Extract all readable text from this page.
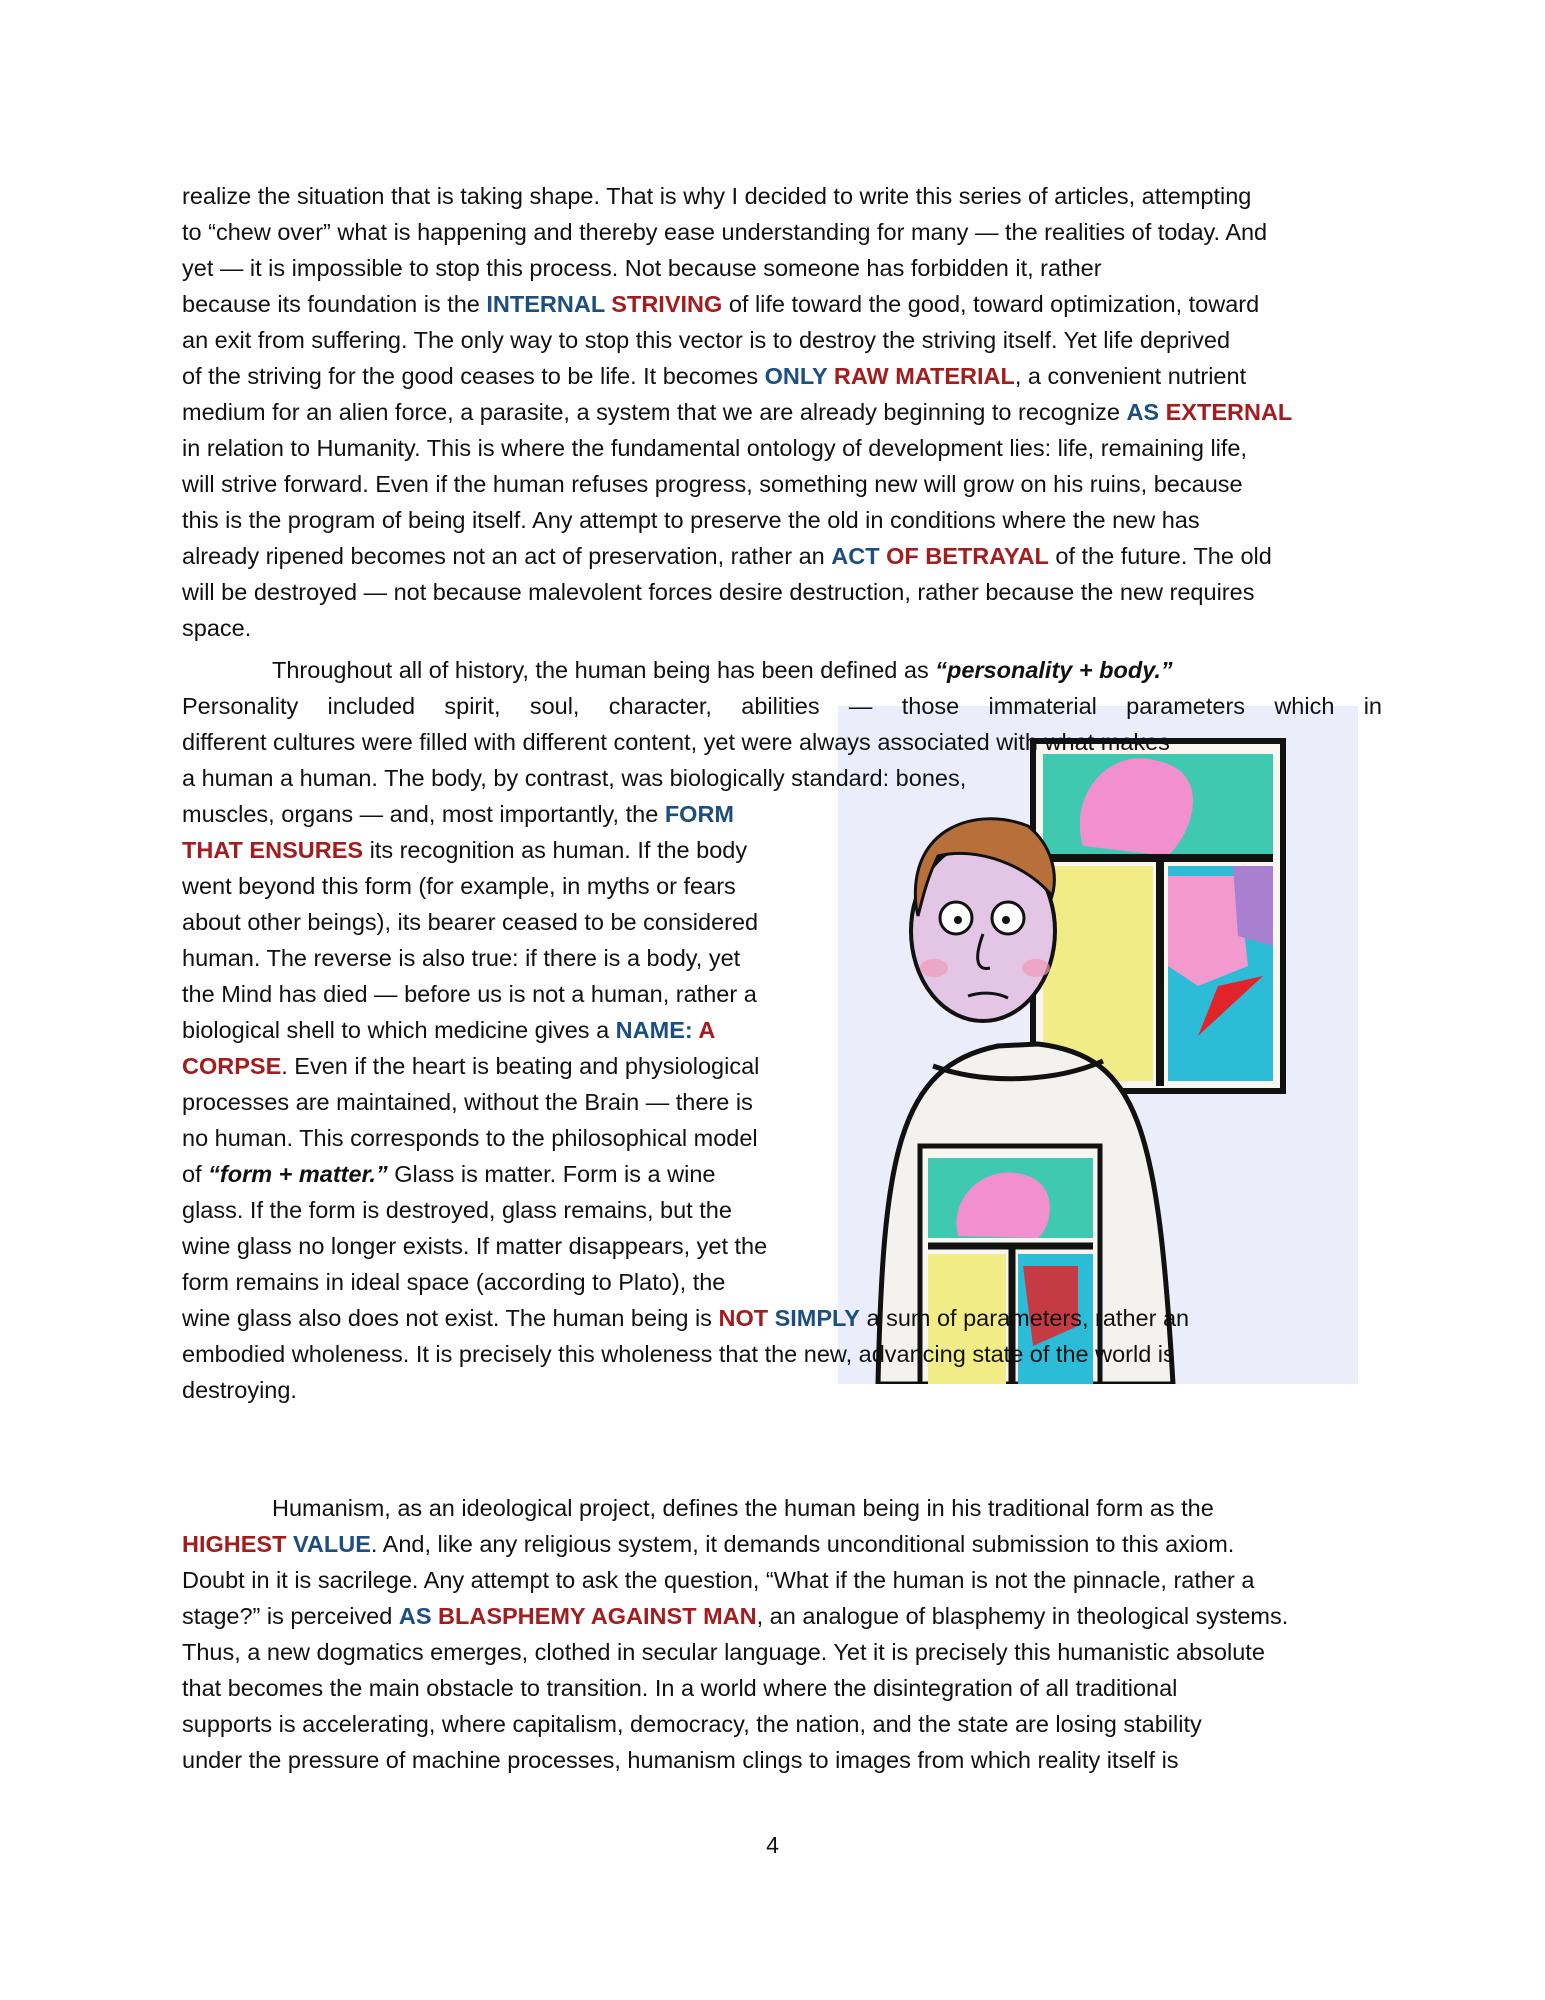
realize the situation that is taking shape. That is why I decided to write this series of articles, attempting
to “chew over” what is happening and thereby ease understanding for many — the realities of today. And
yet — it is impossible to stop this process. Not because someone has forbidden it, rather
because its foundation is the INTERNAL STRIVING of life toward the good, toward optimization, toward
an exit from suffering. The only way to stop this vector is to destroy the striving itself. Yet life deprived
of the striving for the good ceases to be life. It becomes ONLY RAW MATERIAL, a convenient nutrient
medium for an alien force, a parasite, a system that we are already beginning to recognize AS EXTERNAL
in relation to Humanity. This is where the fundamental ontology of development lies: life, remaining life,
will strive forward. Even if the human refuses progress, something new will grow on his ruins, because
this is the program of being itself. Any attempt to preserve the old in conditions where the new has
already ripened becomes not an act of preservation, rather an ACT OF BETRAYAL of the future. The old
will be destroyed — not because malevolent forces desire destruction, rather because the new requires
space.
Throughout all of history, the human being has been defined as “personality + body.”
Personality included spirit, soul, character, abilities — those immaterial parameters which in
different cultures were filled with different content, yet were always associated with what makes
a human a human. The body, by contrast, was biologically standard: bones,
muscles, organs — and, most importantly, the FORM
THAT ENSURES its recognition as human. If the body
went beyond this form (for example, in myths or fears
about other beings), its bearer ceased to be considered
human. The reverse is also true: if there is a body, yet
the Mind has died — before us is not a human, rather a
biological shell to which medicine gives a NAME: A
CORPSE. Even if the heart is beating and physiological
processes are maintained, without the Brain — there is
no human. This corresponds to the philosophical model
of “form + matter.” Glass is matter. Form is a wine
glass. If the form is destroyed, glass remains, but the
wine glass no longer exists. If matter disappears, yet the
form remains in ideal space (according to Plato), the
wine glass also does not exist. The human being is NOT SIMPLY a sum of parameters, rather an
embodied wholeness. It is precisely this wholeness that the new, advancing state of the world is
destroying.
Humanism, as an ideological project, defines the human being in his traditional form as the
HIGHEST VALUE. And, like any religious system, it demands unconditional submission to this axiom.
Doubt in it is sacrilege. Any attempt to ask the question, “What if the human is not the pinnacle, rather a
stage?” is perceived AS BLASPHEMY AGAINST MAN, an analogue of blasphemy in theological systems.
Thus, a new dogmatics emerges, clothed in secular language. Yet it is precisely this humanistic absolute
that becomes the main obstacle to transition. In a world where the disintegration of all traditional
supports is accelerating, where capitalism, democracy, the nation, and the state are losing stability
under the pressure of machine processes, humanism clings to images from which reality itself is
4
